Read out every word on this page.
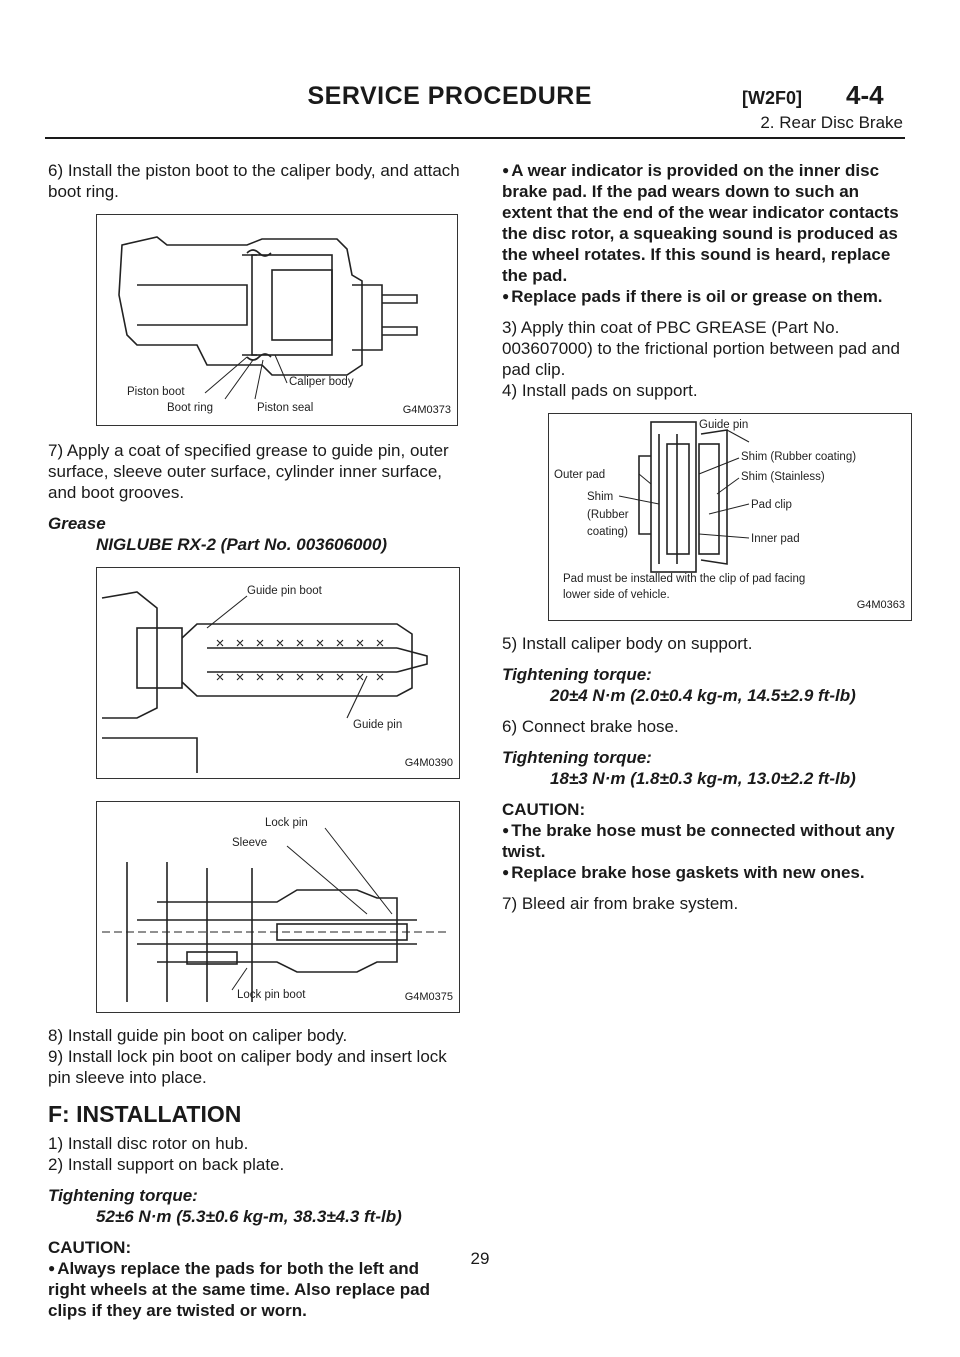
SERVICE PROCEDURE	[W2F0] 4-4
2. Rear Disc Brake

6) Install the piston boot to the caliper body, and attach boot ring.

Piston boot
Caliper body
Boot ring	Piston seal	G4M0373

7) Apply a coat of specified grease to guide pin, outer surface, sleeve outer surface, cylinder inner surface, and boot grooves.

Grease

NIGLUBE RX-2 (Part No. 003606000)

Guide pin boot
Guide pin
G4M0390
Lock pin
Sleeve
Lock pin boot	G4M0375

8) Install guide pin boot on caliper body.

9) Install lock pin boot on caliper body and insert lock pin sleeve into place.

F: INSTALLATION

1) Install disc rotor on hub.

2) Install support on back plate.

Tightening torque:

52±6 N·m (5.3±0.6 kg-m, 38.3±4.3 ft-lb)

CAUTION:

● Always replace the pads for both the left and right wheels at the same time. Also replace pad clips if they are twisted or worn.

● A wear indicator is provided on the inner disc brake pad. If the pad wears down to such an extent that the end of the wear indicator contacts the disc rotor, a squeaking sound is produced as the wheel rotates. If this sound is heard, replace the pad.

● Replace pads if there is oil or grease on them.

3) Apply thin coat of PBC GREASE (Part No. 003607000) to the frictional portion between pad and pad clip.

4) Install pads on support.

Guide pin
Outer pad
Shim (Rubber coating)
Shim (Stainless)
Shim
(Rubber
coating)
Pad clip
Inner pad
Pad must be installed with the clip of pad facing
lower side of vehicle.
G4M0363

5) Install caliper body on support.

Tightening torque:

20±4 N·m (2.0±0.4 kg-m, 14.5±2.9 ft-lb)

6) Connect brake hose.

Tightening torque:

18±3 N·m (1.8±0.3 kg-m, 13.0±2.2 ft-lb)

CAUTION:

● The brake hose must be connected without any twist.

● Replace brake hose gaskets with new ones.

7) Bleed air from brake system.

29
